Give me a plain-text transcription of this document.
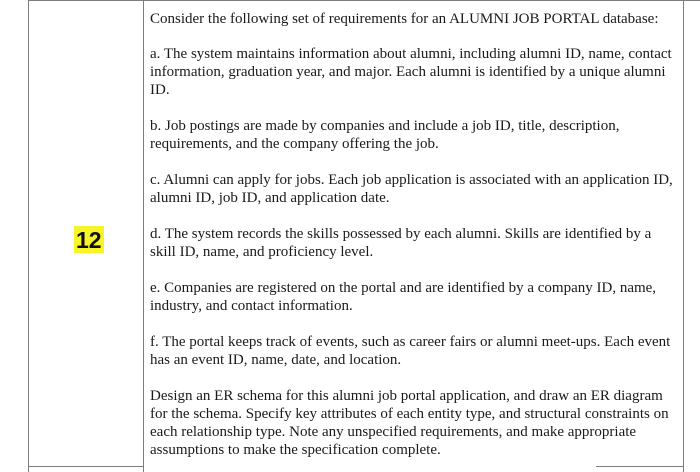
12

Consider the following set of requirements for an ALUMNI JOB PORTAL database:

a. The system maintains information about alumni, including alumni ID, name, contact information, graduation year, and major. Each alumni is identified by a unique alumni ID.

b. Job postings are made by companies and include a job ID, title, description, requirements, and the company offering the job.

c. Alumni can apply for jobs. Each job application is associated with an application ID, alumni ID, job ID, and application date.

d. The system records the skills possessed by each alumni. Skills are identified by a skill ID, name, and proficiency level.

e. Companies are registered on the portal and are identified by a company ID, name, industry, and contact information.

f. The portal keeps track of events, such as career fairs or alumni meet-ups. Each event has an event ID, name, date, and location.

Design an ER schema for this alumni job portal application, and draw an ER diagram for the schema. Specify key attributes of each entity type, and structural constraints on each relationship type. Note any unspecified requirements, and make appropriate assumptions to make the specification complete.
